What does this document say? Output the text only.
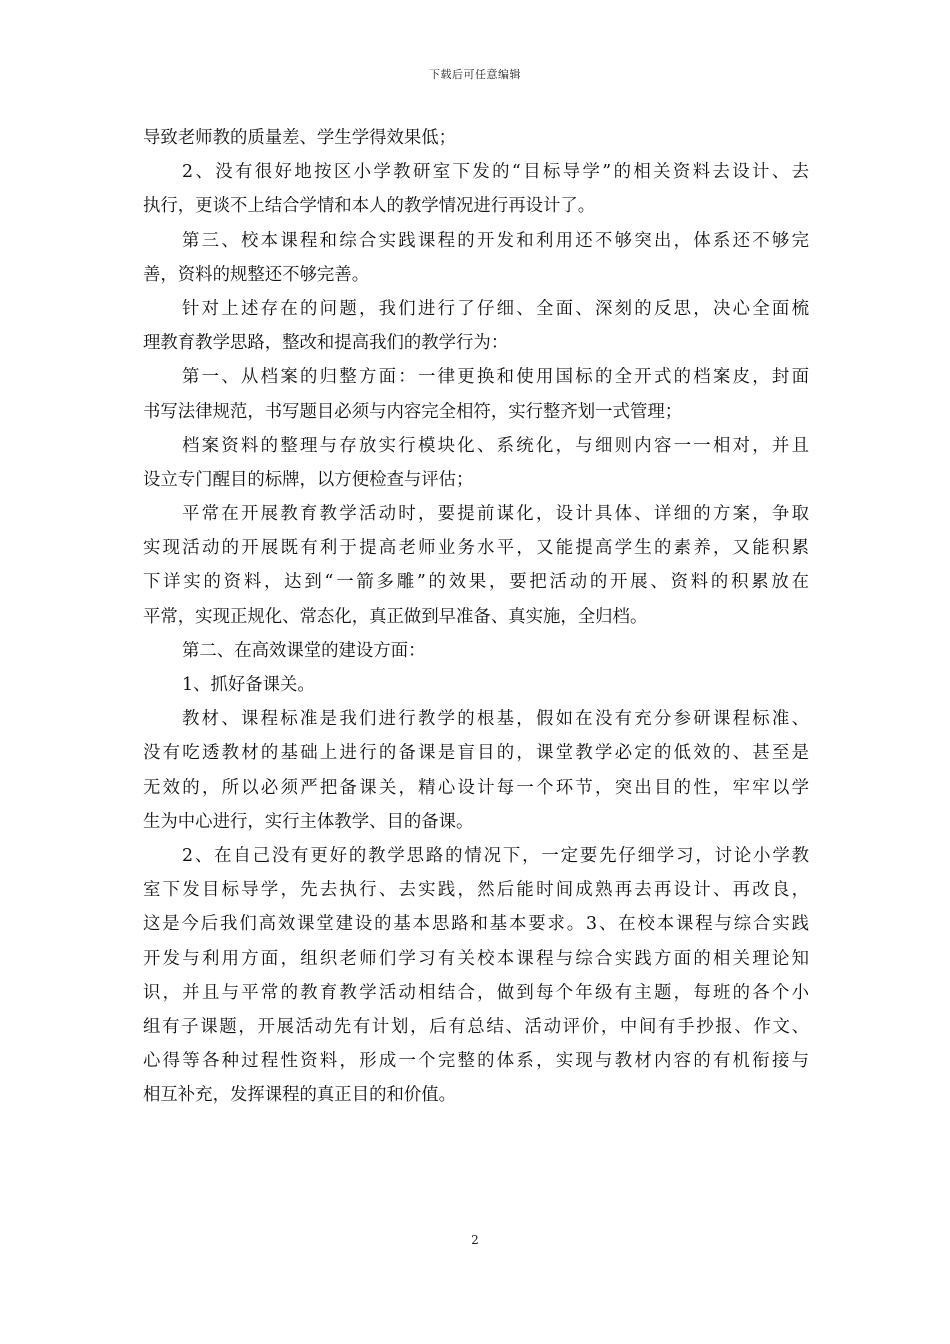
下载后可任意编辑
导致老师教的质量差、学生学得效果低；
2、没有很好地按区小学教研室下发的“目标导学”的相关资料去设计、去
执行，更谈不上结合学情和本人的教学情况进行再设计了。
第三、校本课程和综合实践课程的开发和利用还不够突出，体系还不够完
善，资料的规整还不够完善。
针对上述存在的问题，我们进行了仔细、全面、深刻的反思，决心全面梳
理教育教学思路，整改和提高我们的教学行为：
第一、从档案的归整方面：一律更换和使用国标的全开式的档案皮，封面
书写法律规范，书写题目必须与内容完全相符，实行整齐划一式管理；
档案资料的整理与存放实行模块化、系统化，与细则内容一一相对，并且
设立专门醒目的标牌，以方便检查与评估；
平常在开展教育教学活动时，要提前谋化，设计具体、详细的方案，争取
实现活动的开展既有利于提高老师业务水平，又能提高学生的素养，又能积累
下详实的资料，达到“一箭多雕”的效果，要把活动的开展、资料的积累放在
平常，实现正规化、常态化，真正做到早准备、真实施，全归档。
第二、在高效课堂的建设方面：
1、抓好备课关。
教材、课程标准是我们进行教学的根基，假如在没有充分参研课程标准、
没有吃透教材的基础上进行的备课是盲目的，课堂教学必定的低效的、甚至是
无效的，所以必须严把备课关，精心设计每一个环节，突出目的性，牢牢以学
生为中心进行，实行主体教学、目的备课。
2、在自己没有更好的教学思路的情况下，一定要先仔细学习，讨论小学教
室下发目标导学，先去执行、去实践，然后能时间成熟再去再设计、再改良，
这是今后我们高效课堂建设的基本思路和基本要求。3、在校本课程与综合实践
开发与利用方面，组织老师们学习有关校本课程与综合实践方面的相关理论知
识，并且与平常的教育教学活动相结合，做到每个年级有主题，每班的各个小
组有子课题，开展活动先有计划，后有总结、活动评价，中间有手抄报、作文、
心得等各种过程性资料，形成一个完整的体系，实现与教材内容的有机衔接与
相互补充，发挥课程的真正目的和价值。
2
